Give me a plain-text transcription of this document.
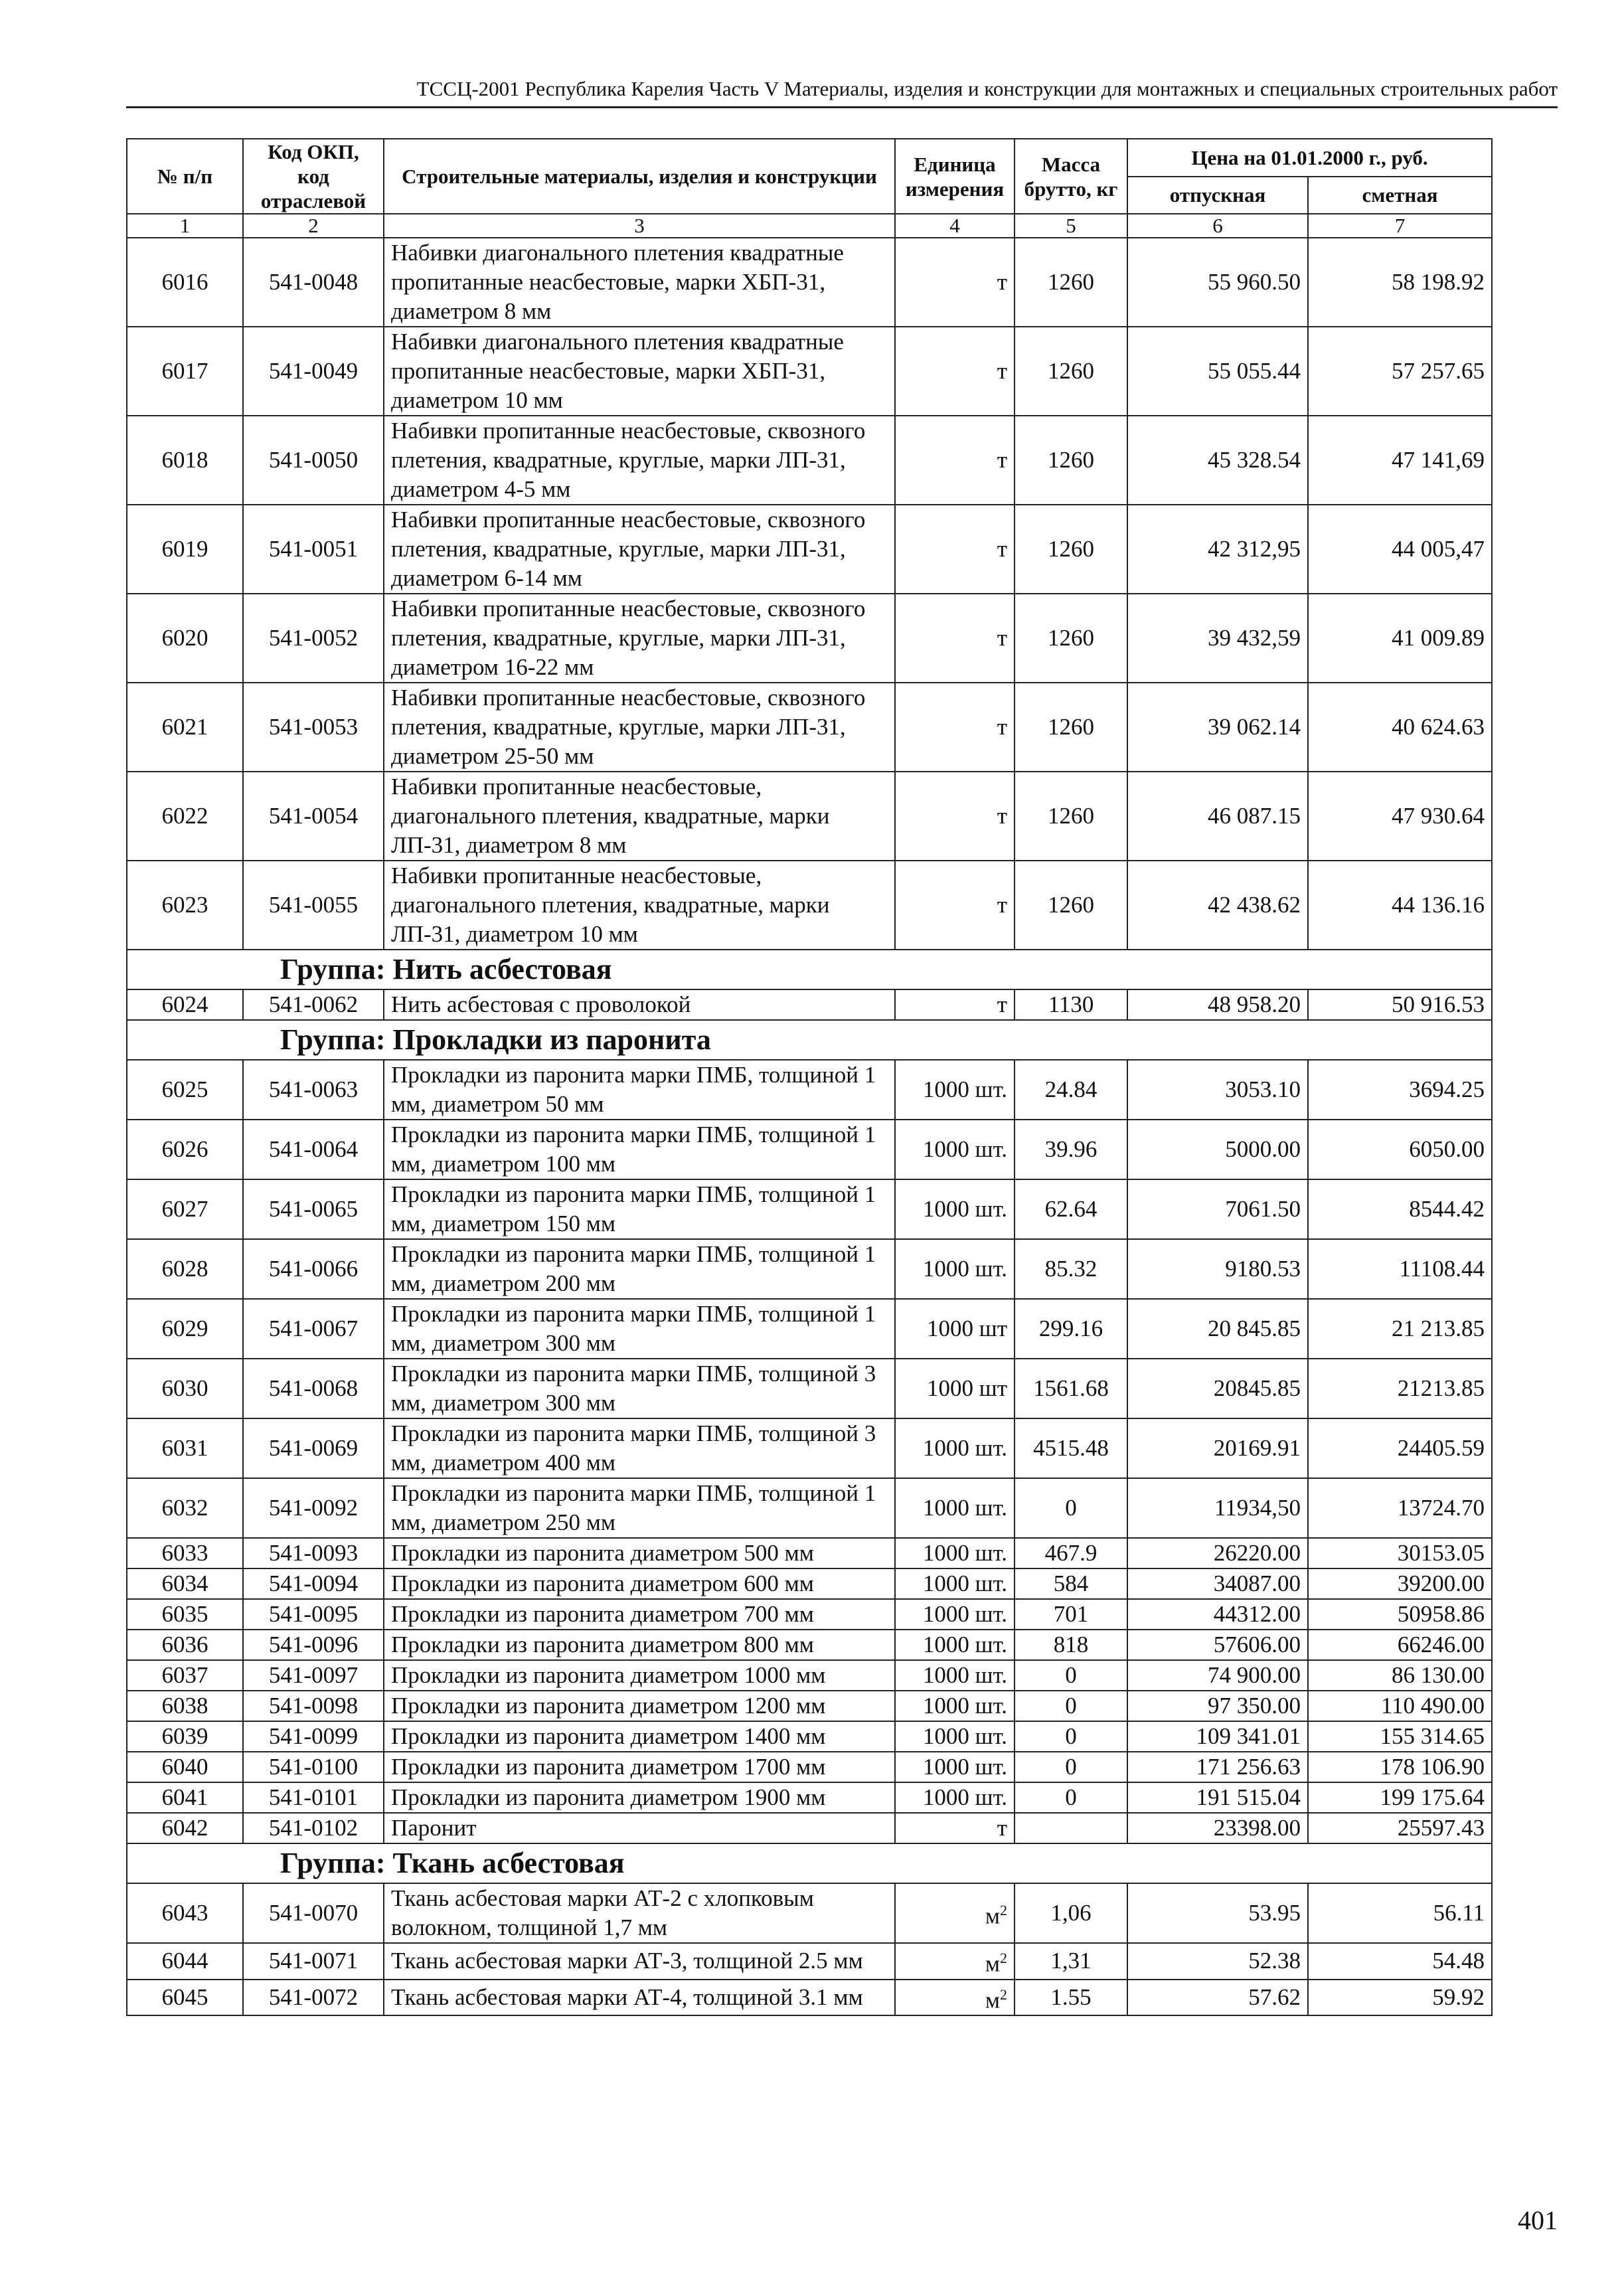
ТССЦ-2001 Республика Карелия Часть V Материалы, изделия и конструкции для монтажных и специальных строительных работ
№ п/п	Код ОКП, код отраслевой	Строительные материалы, изделия и конструкции	Единица измерения	Масса брутто, кг	Цена на 01.01.2000 г., руб.	
					отпускная	сметная
1	2	3	4	5	6	7
6016	541-0048	Набивки диагонального плетения квадратные пропитанные неасбестовые, марки ХБП-31, диаметром 8 мм	т	1260	55 960.50	58 198.92
6017	541-0049	Набивки диагонального плетения квадратные пропитанные неасбестовые, марки ХБП-31, диаметром 10 мм	т	1260	55 055.44	57 257.65
6018	541-0050	Набивки пропитанные неасбестовые, сквозного плетения, квадратные, круглые, марки ЛП-31, диаметром 4-5 мм	т	1260	45 328.54	47 141,69
6019	541-0051	Набивки пропитанные неасбестовые, сквозного плетения, квадратные, круглые, марки ЛП-31, диаметром 6-14 мм	т	1260	42 312,95	44 005,47
6020	541-0052	Набивки пропитанные неасбестовые, сквозного плетения, квадратные, круглые, марки ЛП-31, диаметром 16-22 мм	т	1260	39 432,59	41 009.89
6021	541-0053	Набивки пропитанные неасбестовые, сквозного плетения, квадратные, круглые, марки ЛП-31, диаметром 25-50 мм	т	1260	39 062.14	40 624.63
6022	541-0054	Набивки пропитанные неасбестовые, диагонального плетения, квадратные, марки ЛП-31, диаметром 8 мм	т	1260	46 087.15	47 930.64
6023	541-0055	Набивки пропитанные неасбестовые, диагонального плетения, квадратные, марки ЛП-31, диаметром 10 мм	т	1260	42 438.62	44 136.16
Группа: Нить асбестовая						
6024	541-0062	Нить асбестовая с проволокой	т	1130	48 958.20	50 916.53
Группа: Прокладки из паронита						
6025	541-0063	Прокладки из паронита марки ПМБ, толщиной 1 мм, диаметром 50 мм	1000 шт.	24.84	3053.10	3694.25
6026	541-0064	Прокладки из паронита марки ПМБ, толщиной 1 мм, диаметром 100 мм	1000 шт.	39.96	5000.00	6050.00
6027	541-0065	Прокладки из паронита марки ПМБ, толщиной 1 мм, диаметром 150 мм	1000 шт.	62.64	7061.50	8544.42
6028	541-0066	Прокладки из паронита марки ПМБ, толщиной 1 мм, диаметром 200 мм	1000 шт.	85.32	9180.53	11108.44
6029	541-0067	Прокладки из паронита марки ПМБ, толщиной 1 мм, диаметром 300 мм	1000 шт	299.16	20 845.85	21 213.85
6030	541-0068	Прокладки из паронита марки ПМБ, толщиной 3 мм, диаметром 300 мм	1000 шт	1561.68	20845.85	21213.85
6031	541-0069	Прокладки из паронита марки ПМБ, толщиной 3 мм, диаметром 400 мм	1000 шт.	4515.48	20169.91	24405.59
6032	541-0092	Прокладки из паронита марки ПМБ, толщиной 1 мм, диаметром 250 мм	1000 шт.	0	11934,50	13724.70
6033	541-0093	Прокладки из паронита диаметром 500 мм	1000 шт.	467.9	26220.00	30153.05
6034	541-0094	Прокладки из паронита диаметром 600 мм	1000 шт.	584	34087.00	39200.00
6035	541-0095	Прокладки из паронита диаметром 700 мм	1000 шт.	701	44312.00	50958.86
6036	541-0096	Прокладки из паронита диаметром 800 мм	1000 шт.	818	57606.00	66246.00
6037	541-0097	Прокладки из паронита диаметром 1000 мм	1000 шт.	0	74 900.00	86 130.00
6038	541-0098	Прокладки из паронита диаметром 1200 мм	1000 шт.	0	97 350.00	110 490.00
6039	541-0099	Прокладки из паронита диаметром 1400 мм	1000 шт.	0	109 341.01	155 314.65
6040	541-0100	Прокладки из паронита диаметром 1700 мм	1000 шт.	0	171 256.63	178 106.90
6041	541-0101	Прокладки из паронита диаметром 1900 мм	1000 шт.	0	191 515.04	199 175.64
6042	541-0102	Паронит	т		23398.00	25597.43
Группа: Ткань асбестовая						
6043	541-0070	Ткань асбестовая марки АТ-2 с хлопковым волокном, толщиной 1,7 мм	$м^2$	1,06	53.95	56.11
6044	541-0071	Ткань асбестовая марки АТ-3, толщиной 2.5 мм	$м^2$	1,31	52.38	54.48
6045	541-0072	Ткань асбестовая марки АТ-4, толщиной 3.1 мм	$м^2$	1.55	57.62	59.92
401
